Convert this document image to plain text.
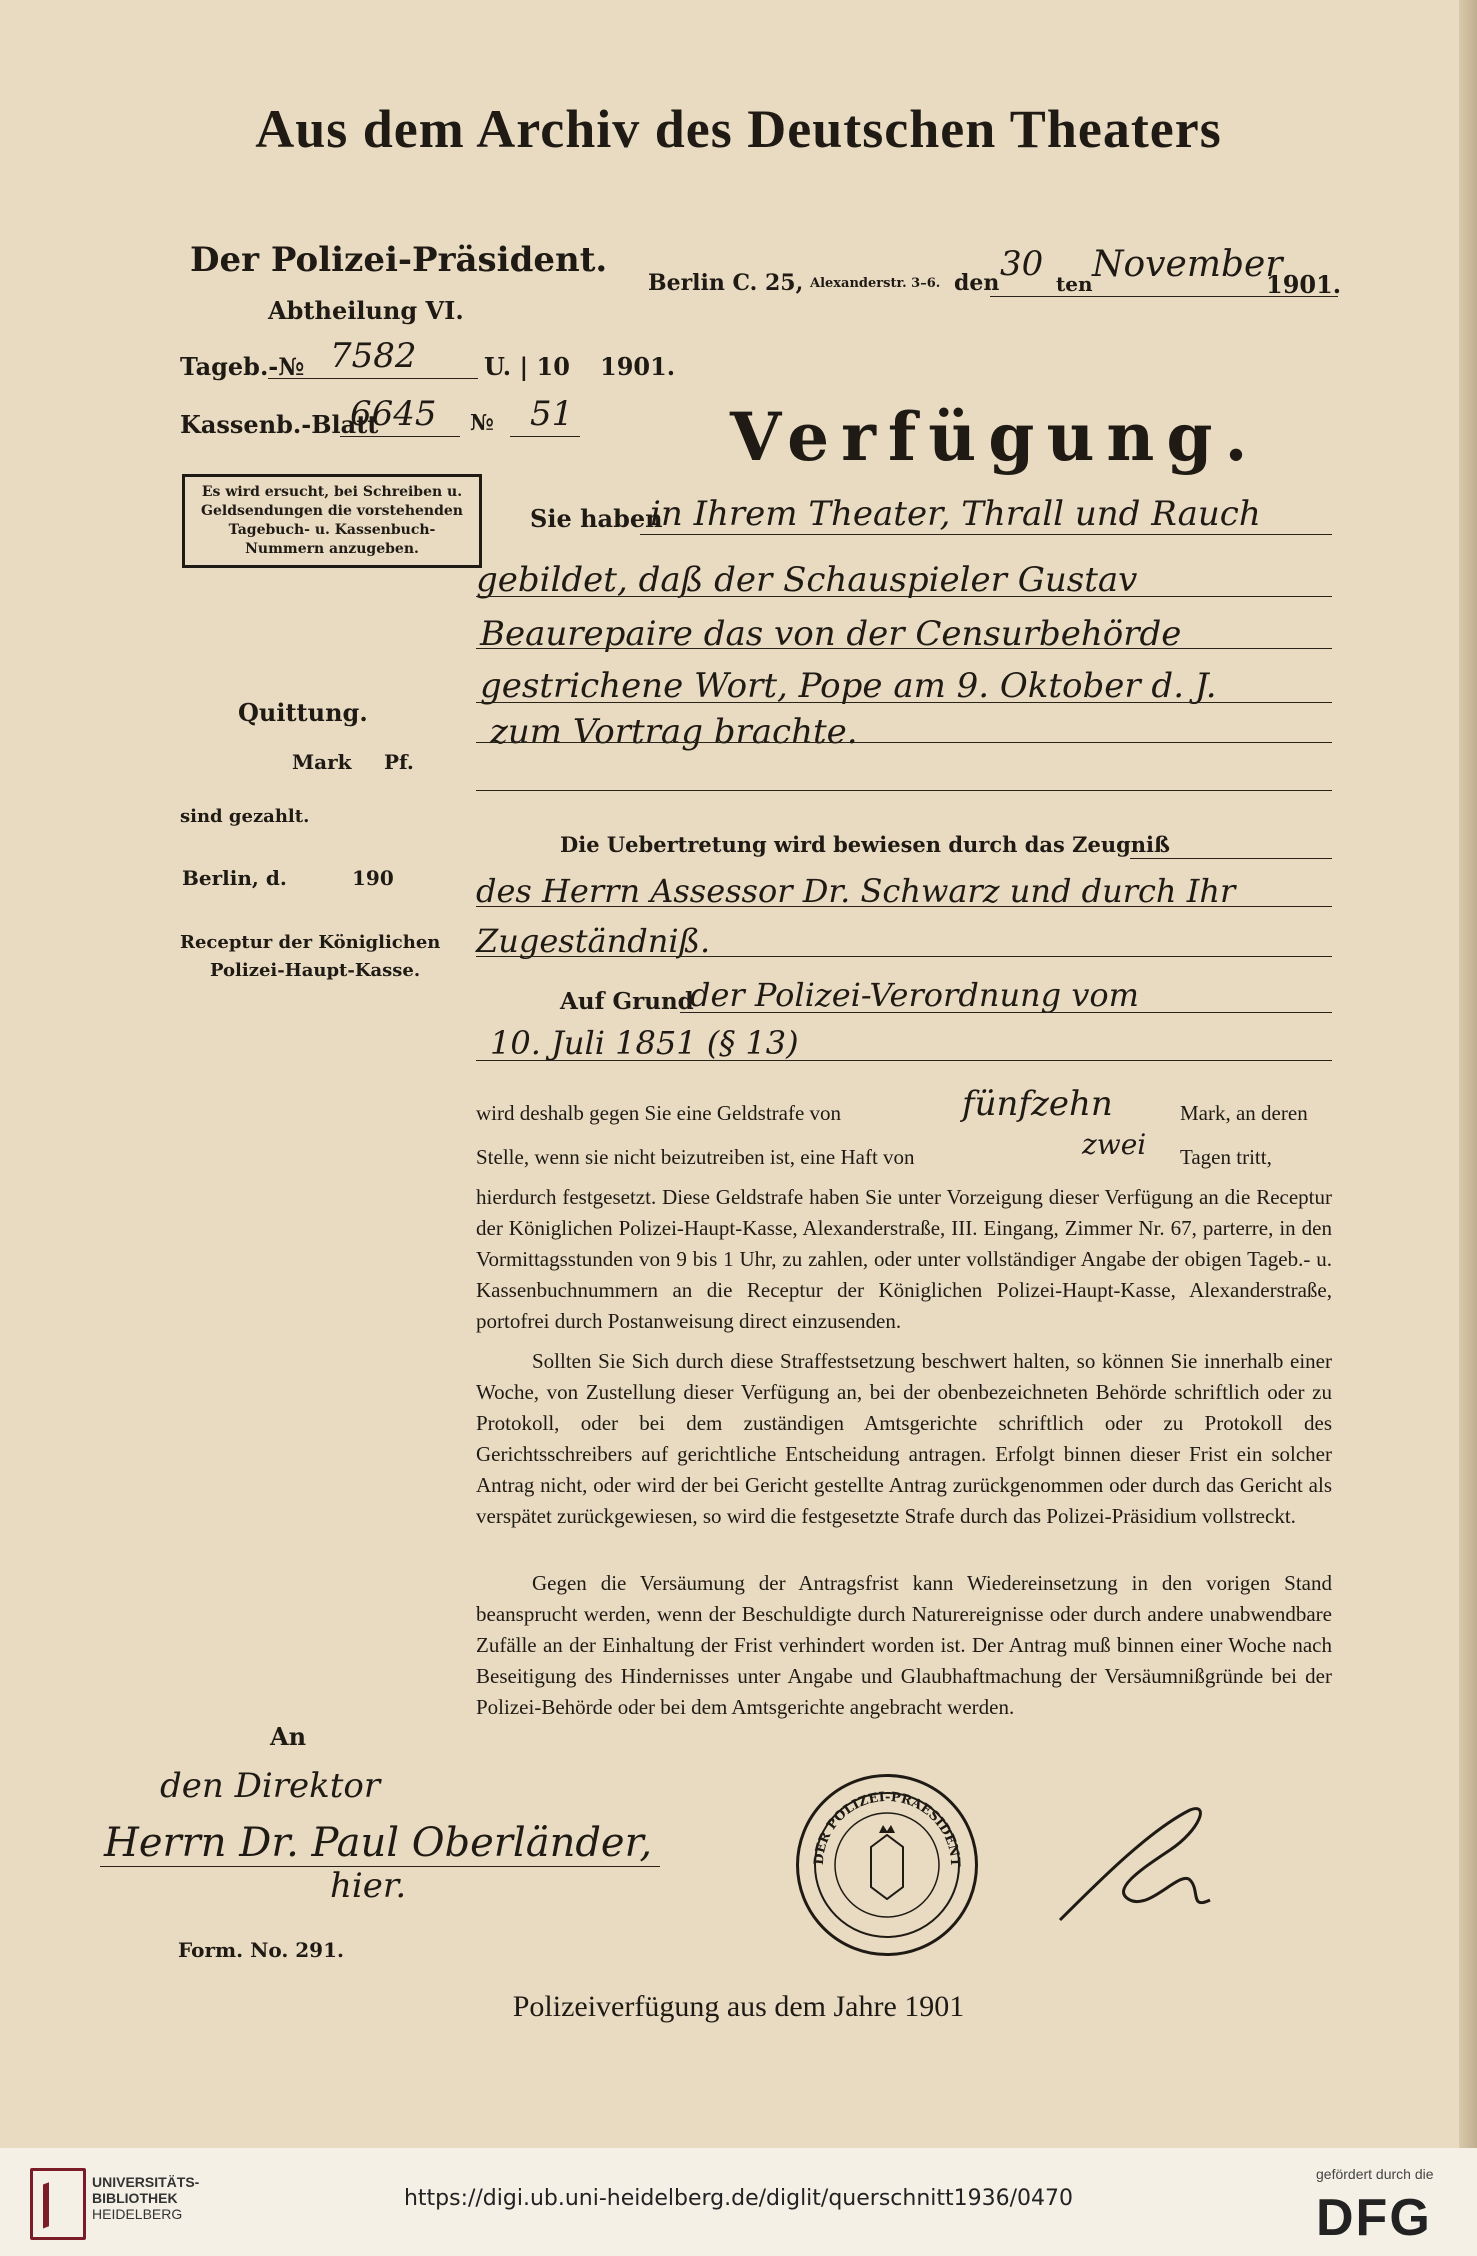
Aus dem Archiv des Deutschen Theaters
Der Polizei-Präsident.
Abtheilung VI.
Tageb.-№ 7582	U. | 10 1901.
Kassenb.-Blatt
6645 № 51
Es wird ersucht, bei Schreiben u. Geldsendungen die vorstehenden Tagebuch- u. Kassenbuch-Nummern anzugeben.
Berlin C. 25, Alexanderstr. 3–6. den 30 ten November
1901.
Verfügung.
Sie haben
in Ihrem Theater, Thrall und Rauch
gebildet, daß der Schauspieler Gustav
Beaurepaire das von der Censurbehörde
gestrichene Wort, Pope am 9. Oktober d. J.
zum Vortrag brachte.
Quittung.
Mark Pf.
sind gezahlt.
Berlin, d.	190
Receptur der Königlichen
Polizei-Haupt-Kasse.
Die Uebertretung wird bewiesen durch das Zeugniß
des Herrn Assessor Dr. Schwarz und durch Ihr
Zugeständniß.
Auf Grund
der Polizei-Verordnung vom
10. Juli 1851 (§ 13)
wird deshalb gegen Sie eine Geldstrafe von	fünfzehn	Mark, an deren
Stelle, wenn sie nicht beizutreiben ist, eine Haft von	zwei Tagen tritt,
hierdurch festgesetzt. Diese Geldstrafe haben Sie unter Vorzeigung dieser Verfügung an die Receptur der Königlichen Polizei-Haupt-Kasse, Alexanderstraße, III. Eingang, Zimmer Nr. 67, parterre, in den Vormittagsstunden von 9 bis 1 Uhr, zu zahlen, oder unter vollständiger Angabe der obigen Tageb.- u. Kassenbuchnummern an die Receptur der Königlichen Polizei-Haupt-Kasse, Alexanderstraße, portofrei durch Postanweisung direct einzusenden.
Sollten Sie Sich durch diese Straffestsetzung beschwert halten, so können Sie innerhalb einer Woche, von Zustellung dieser Verfügung an, bei der obenbezeichneten Behörde schriftlich oder zu Protokoll, oder bei dem zuständigen Amtsgerichte schriftlich oder zu Protokoll des Gerichtsschreibers auf gerichtliche Entscheidung antragen. Erfolgt binnen dieser Frist ein solcher Antrag nicht, oder wird der bei Gericht gestellte Antrag zurückgenommen oder durch das Gericht als verspätet zurückgewiesen, so wird die festgesetzte Strafe durch das Polizei-Präsidium vollstreckt.
Gegen die Versäumung der Antragsfrist kann Wiedereinsetzung in den vorigen Stand beansprucht werden, wenn der Beschuldigte durch Naturereignisse oder durch andere unabwendbare Zufälle an der Einhaltung der Frist verhindert worden ist. Der Antrag muß binnen einer Woche nach Beseitigung des Hindernisses unter Angabe und Glaubhaftmachung der Versäumnißgründe bei der Polizei-Behörde oder bei dem Amtsgerichte angebracht werden.
An
den Direktor
Herrn Dr. Paul Oberländer,
hier.
Form. No. 291.
DER POLIZEI-PRAESIDENT
Polizeiverfügung aus dem Jahre 1901
UNIVERSITÄTS-
BIBLIOTHEK
HEIDELBERG
https://digi.ub.uni-heidelberg.de/diglit/querschnitt1936/0470
gefördert durch die
DFG
